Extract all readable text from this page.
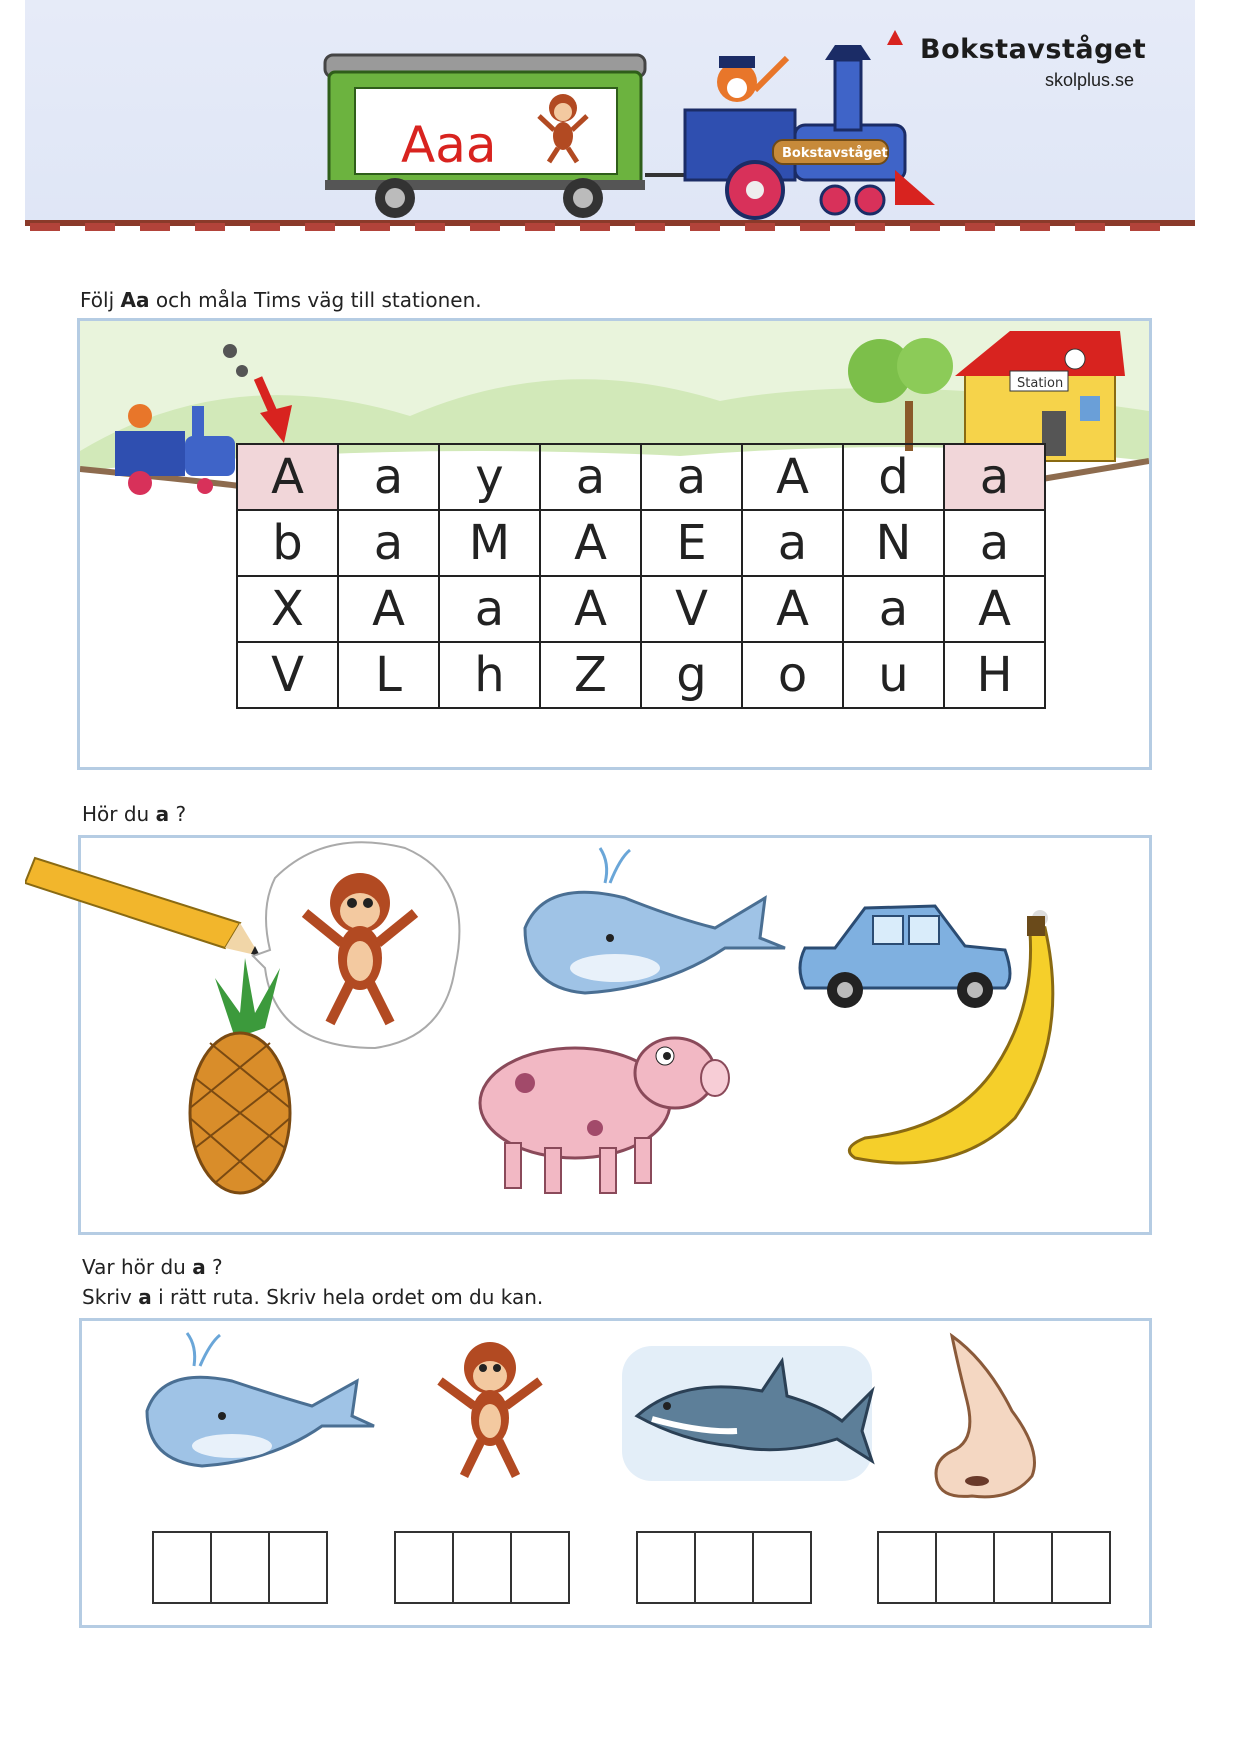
Aaa	Bokstavståget
Bokstavståget
skolplus.se
Följ Aa och måla Tims väg till stationen.
Station
A	a	y	a	a	A	d	a
b	a	M	A	E	a	N	a
X	A	a	A	V	A	a	A
V	L	h	Z	g	o	u	H
Hör du a ?
Var hör du a ?
Skriv a i rätt ruta. Skriv hela ordet om du kan.
